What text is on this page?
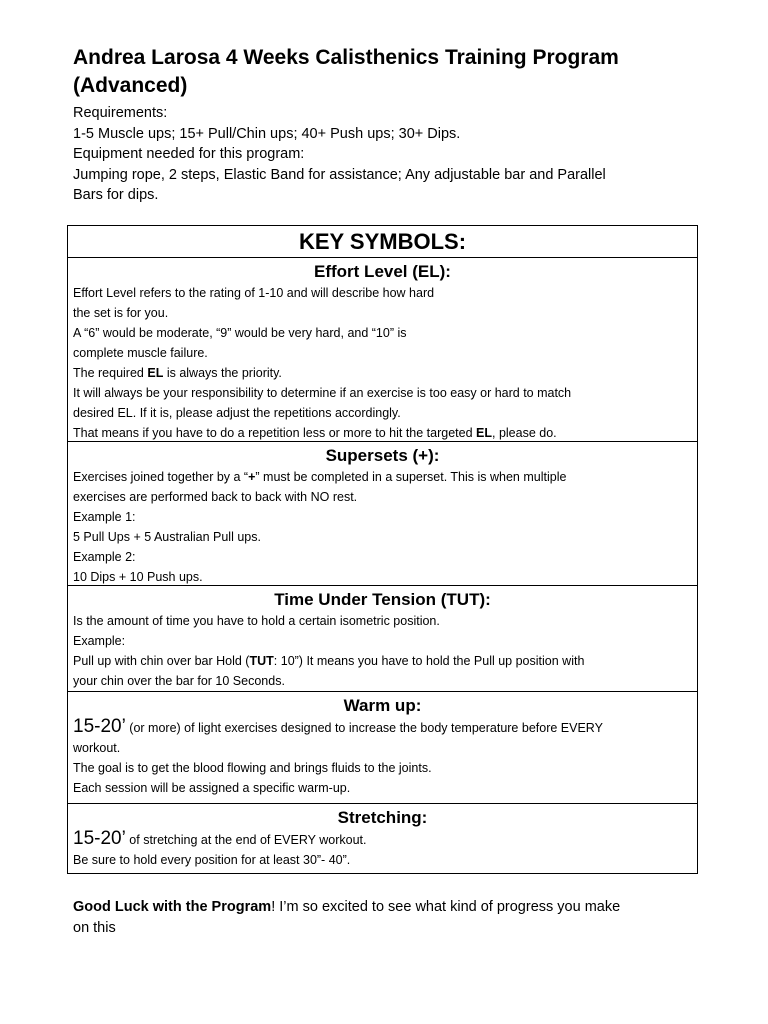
Andrea Larosa 4 Weeks Calisthenics Training Program
(Advanced)
Requirements:
1-5 Muscle ups; 15+ Pull/Chin ups; 40+ Push ups; 30+ Dips.
Equipment needed for this program:
Jumping rope, 2 steps, Elastic Band for assistance; Any adjustable bar and Parallel
Bars for dips.
KEY SYMBOLS:
Effort Level (EL):
Effort Level refers to the rating of 1-10 and will describe how hard
the set is for you.
A “6” would be moderate, “9” would be very hard, and “10” is
complete muscle failure.
The required EL is always the priority.
It will always be your responsibility to determine if an exercise is too easy or hard to match
desired EL. If it is, please adjust the repetitions accordingly.
That means if you have to do a repetition less or more to hit the targeted EL, please do.
Supersets (+):
Exercises joined together by a “+” must be completed in a superset. This is when multiple
exercises are performed back to back with NO rest.
Example 1:
5 Pull Ups + 5 Australian Pull ups.
Example 2:
10 Dips + 10 Push ups.
Time Under Tension (TUT):
Is the amount of time you have to hold a certain isometric position.
Example:
Pull up with chin over bar Hold (TUT: 10”) It means you have to hold the Pull up position with
your chin over the bar for 10 Seconds.
Warm up:
15-20’ (or more) of light exercises designed to increase the body temperature before EVERY
workout.
The goal is to get the blood flowing and brings fluids to the joints.
Each session will be assigned a specific warm-up.
Stretching:
15-20’ of stretching at the end of EVERY workout.
Be sure to hold every position for at least 30”- 40”.
Good Luck with the Program! I’m so excited to see what kind of progress you make
on this
